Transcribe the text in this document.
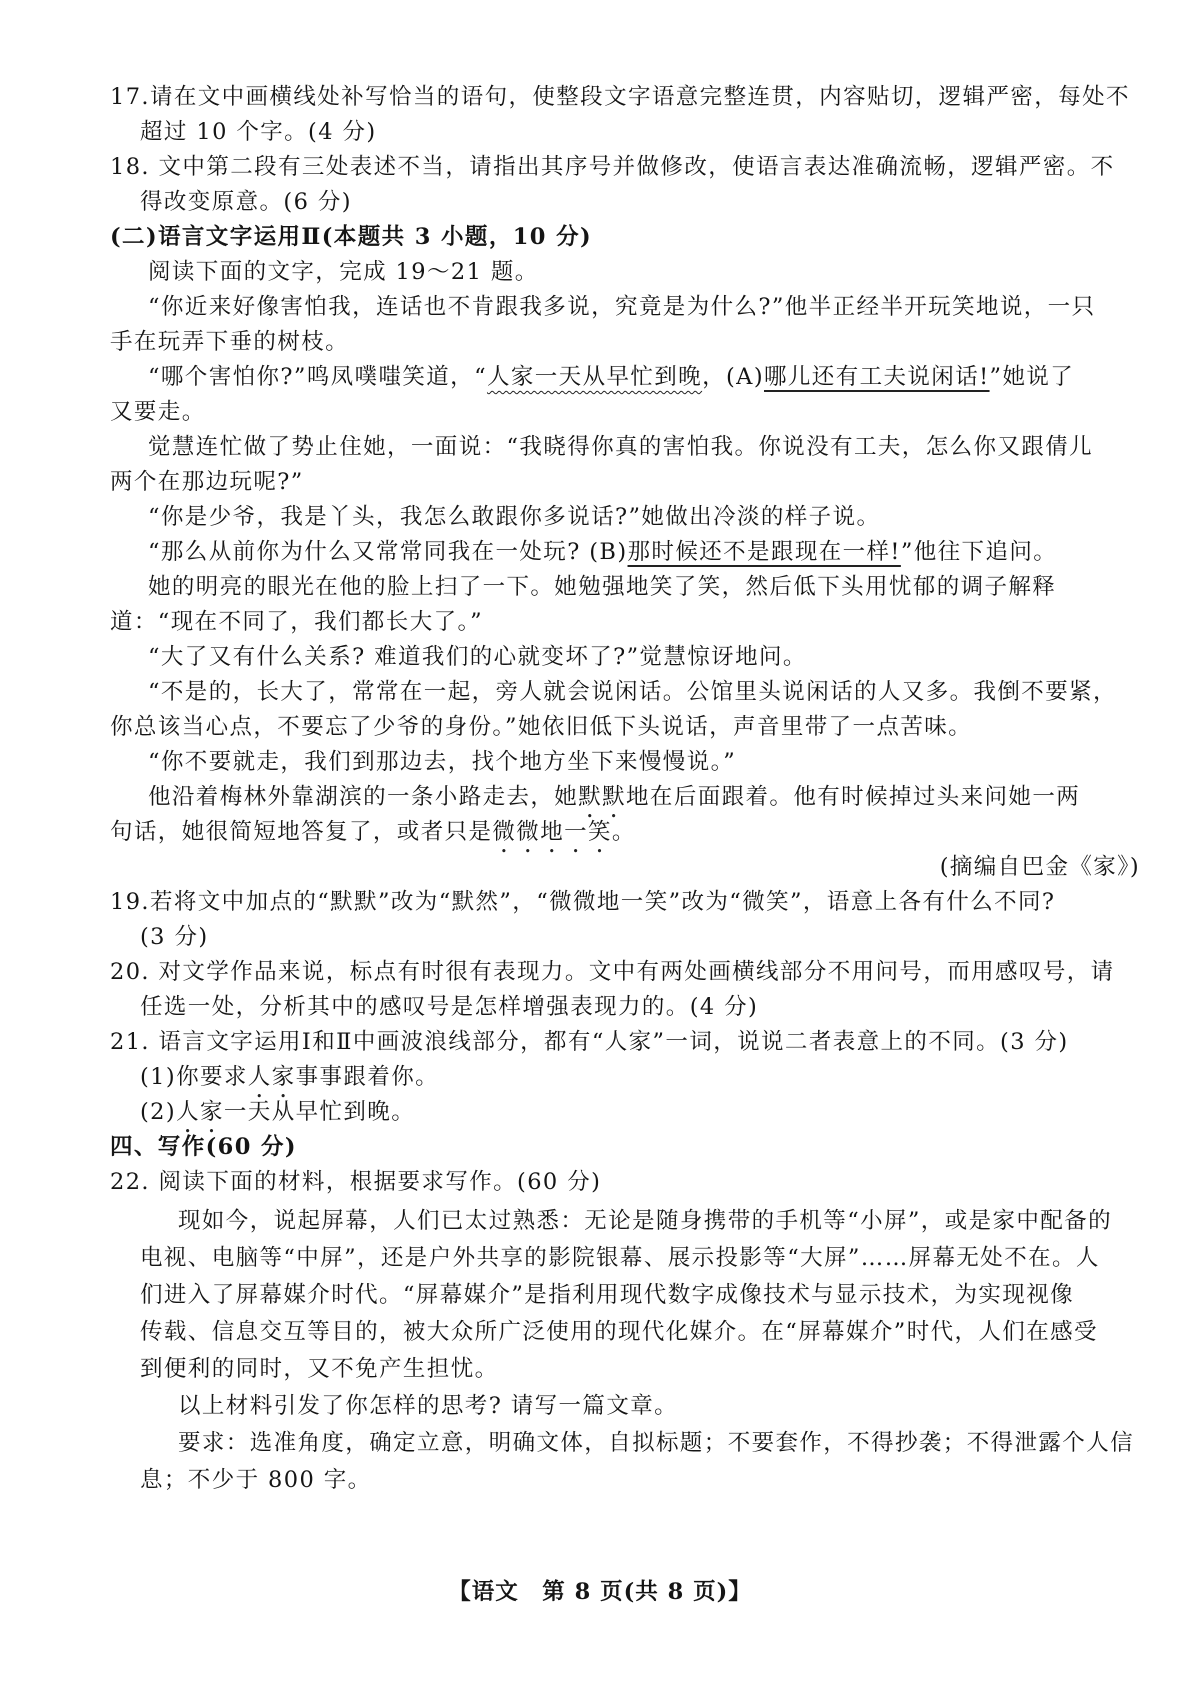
17.请在文中画横线处补写恰当的语句，使整段文字语意完整连贯，内容贴切，逻辑严密，每处不
超过 10 个字。(4 分)
18. 文中第二段有三处表述不当，请指出其序号并做修改，使语言表达准确流畅，逻辑严密。不
得改变原意。(6 分)
(二)语言文字运用Ⅱ(本题共 3 小题，10 分)
阅读下面的文字，完成 19～21 题。
“你近来好像害怕我，连话也不肯跟我多说，究竟是为什么?”他半正经半开玩笑地说，一只
手在玩弄下垂的树枝。
“哪个害怕你?”鸣凤噗嗤笑道，“人家一天从早忙到晚，(A)哪儿还有工夫说闲话!”她说了
又要走。
觉慧连忙做了势止住她，一面说：“我晓得你真的害怕我。你说没有工夫，怎么你又跟倩儿
两个在那边玩呢?”
“你是少爷，我是丫头，我怎么敢跟你多说话?”她做出冷淡的样子说。
“那么从前你为什么又常常同我在一处玩? (B)那时候还不是跟现在一样!”他往下追问。
她的明亮的眼光在他的脸上扫了一下。她勉强地笑了笑，然后低下头用忧郁的调子解释
道：“现在不同了，我们都长大了。”
“大了又有什么关系? 难道我们的心就变坏了?”觉慧惊讶地问。
“不是的，长大了，常常在一起，旁人就会说闲话。公馆里头说闲话的人又多。我倒不要紧，
你总该当心点，不要忘了少爷的身份。”她依旧低下头说话，声音里带了一点苦味。
“你不要就走，我们到那边去，找个地方坐下来慢慢说。”
他沿着梅林外靠湖滨的一条小路走去，她默默地在后面跟着。他有时候掉过头来问她一两
句话，她很简短地答复了，或者只是微微地一笑。
(摘编自巴金《家》)
19.若将文中加点的“默默”改为“默然”，“微微地一笑”改为“微笑”，语意上各有什么不同?
(3 分)
20. 对文学作品来说，标点有时很有表现力。文中有两处画横线部分不用问号，而用感叹号，请
任选一处，分析其中的感叹号是怎样增强表现力的。(4 分)
21. 语言文字运用Ⅰ和Ⅱ中画波浪线部分，都有“人家”一词，说说二者表意上的不同。(3 分)
(1)你要求人家事事跟着你。
(2)人家一天从早忙到晚。
四、写作(60 分)
22. 阅读下面的材料，根据要求写作。(60 分)
现如今，说起屏幕，人们已太过熟悉：无论是随身携带的手机等“小屏”，或是家中配备的
电视、电脑等“中屏”，还是户外共享的影院银幕、展示投影等“大屏”……屏幕无处不在。人
们进入了屏幕媒介时代。“屏幕媒介”是指利用现代数字成像技术与显示技术，为实现视像
传载、信息交互等目的，被大众所广泛使用的现代化媒介。在“屏幕媒介”时代，人们在感受
到便利的同时，又不免产生担忧。
以上材料引发了你怎样的思考? 请写一篇文章。
要求：选准角度，确定立意，明确文体，自拟标题；不要套作，不得抄袭；不得泄露个人信
息；不少于 800 字。
【语文　第 8 页(共 8 页)】
